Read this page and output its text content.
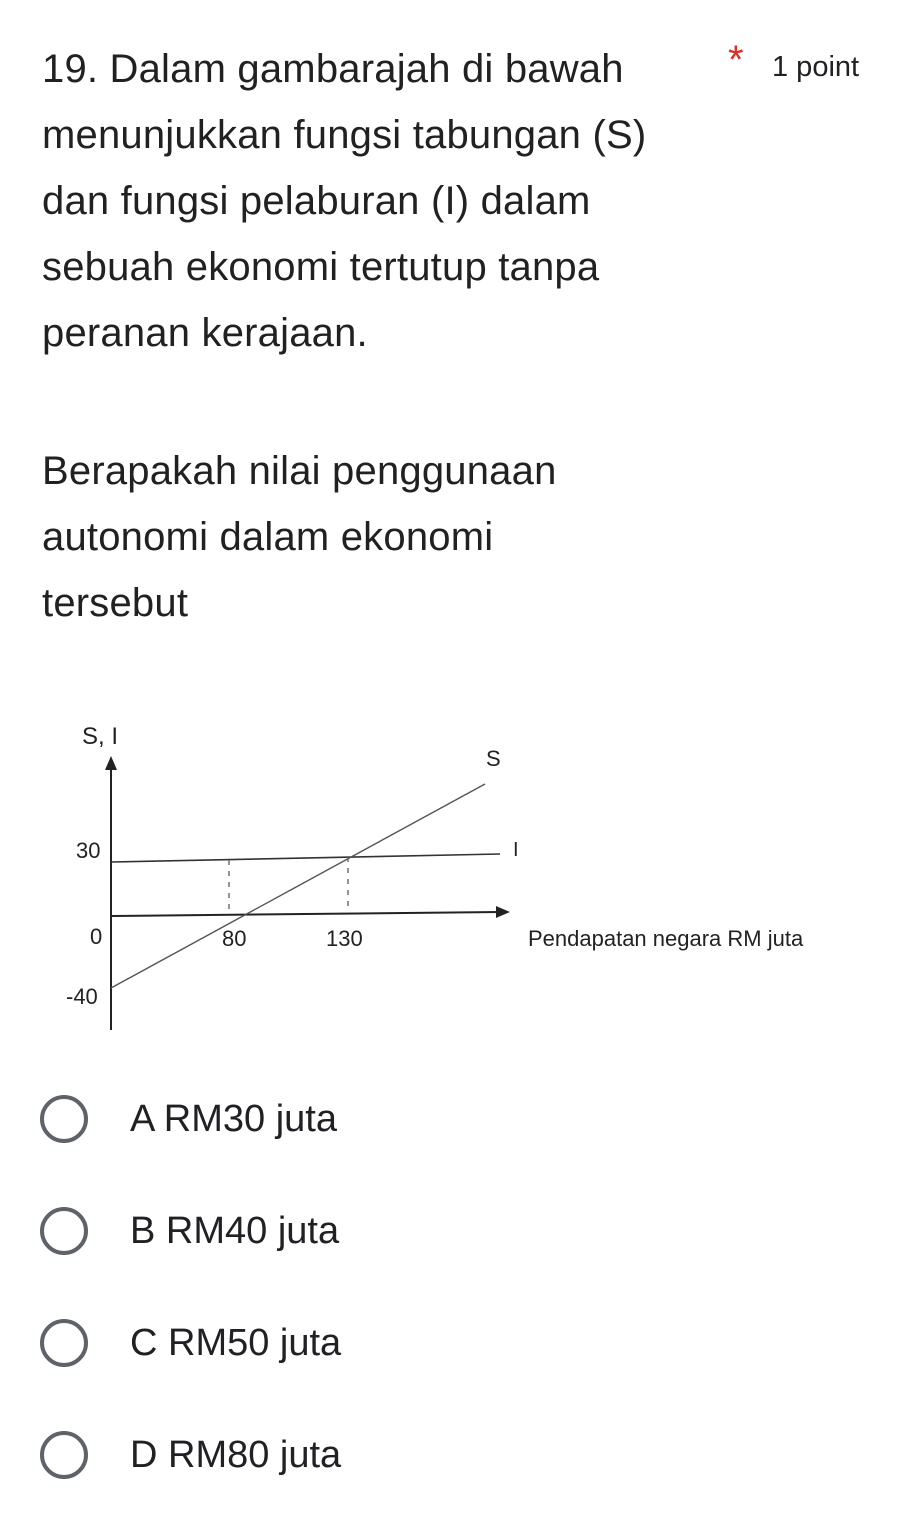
19. Dalam gambarajah di bawah
menunjukkan fungsi tabungan (S)
dan fungsi pelaburan (I) dalam
sebuah ekonomi tertutup tanpa
peranan kerajaan.
* 1 point
Berapakah nilai penggunaan
autonomi dalam ekonomi
tersebut
S, I
S
I
30
0
-40
80	130	Pendapatan negara RM juta
A RM30 juta
B RM40 juta
C RM50 juta
D RM80 juta
